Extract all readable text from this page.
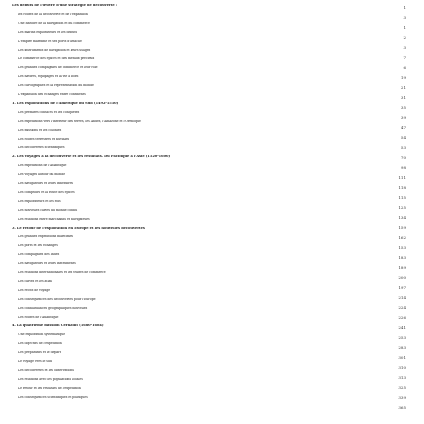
Les débuts de l'œuvre d'une stratégie de découverte :
les routes de la découverte et de l'expansion
Une histoire de la navigation et du commerce
Les marins explorateurs et les débuts
L'empire maritime et ses ports d'attache
Les instruments de navigation et leurs usages
Le commerce des épices et des métaux précieux
Les grandes compagnies de commerce et leur rôle
Les navires, équipages et la vie à bord
Les cartographes et la représentation du monde
L'expansion des échanges entre continents
1. Les explorations de l'Amérique du Sud (1492-1550)
Les premiers contacts et les conquêtes
Les expéditions vers l'intérieur des terres, les Andes, l'Amazone et l'Orénoque
Les missions et les colonies
Les routes terrestres et fluviales
Les découvertes scientifiques
2. Les voyages à la découverte et les résultats. Du Pacifique à l'Asie (1520-1600)
Les expéditions de l'Atlantique
Les voyages autour du monde
Les navigateurs et leurs itinéraires
Les comptoirs et la route des épices
Les explorateurs et les rois
Les nouvelles cartes du monde connu
Les relations entre marchands et navigateurs
3. Le retour de l'exploration en Europe et les nouvelles découvertes
Les grandes expéditions maritimes
Les ports et les échanges
Les compagnies des Indes
Les navigateurs et leurs instruments
Les relations internationales et les traités de commerce
Les cartes et les atlas
Les récits de voyage
Les conséquences des découvertes pour l'Europe
Les connaissances géographiques nouvelles
Les routes de l'Atlantique
4. La quatrième mission Cernault (1680-1684)
Une exploration systématique
Les objectifs de l'expédition
Les préparatifs et le départ
Le voyage vers le sud
Les découvertes et les observations
Les relations avec les populations locales
Le retour et les résultats de l'expédition
Les conséquences scientifiques et politiques
1
3
1
2
3
7
6
19
21
31
35
39
47
54
53
70
98
111
118
115
125
134
159
162
153
183
189
200
197
214
224
226
241
253
283
301
310
313
325
339
365
